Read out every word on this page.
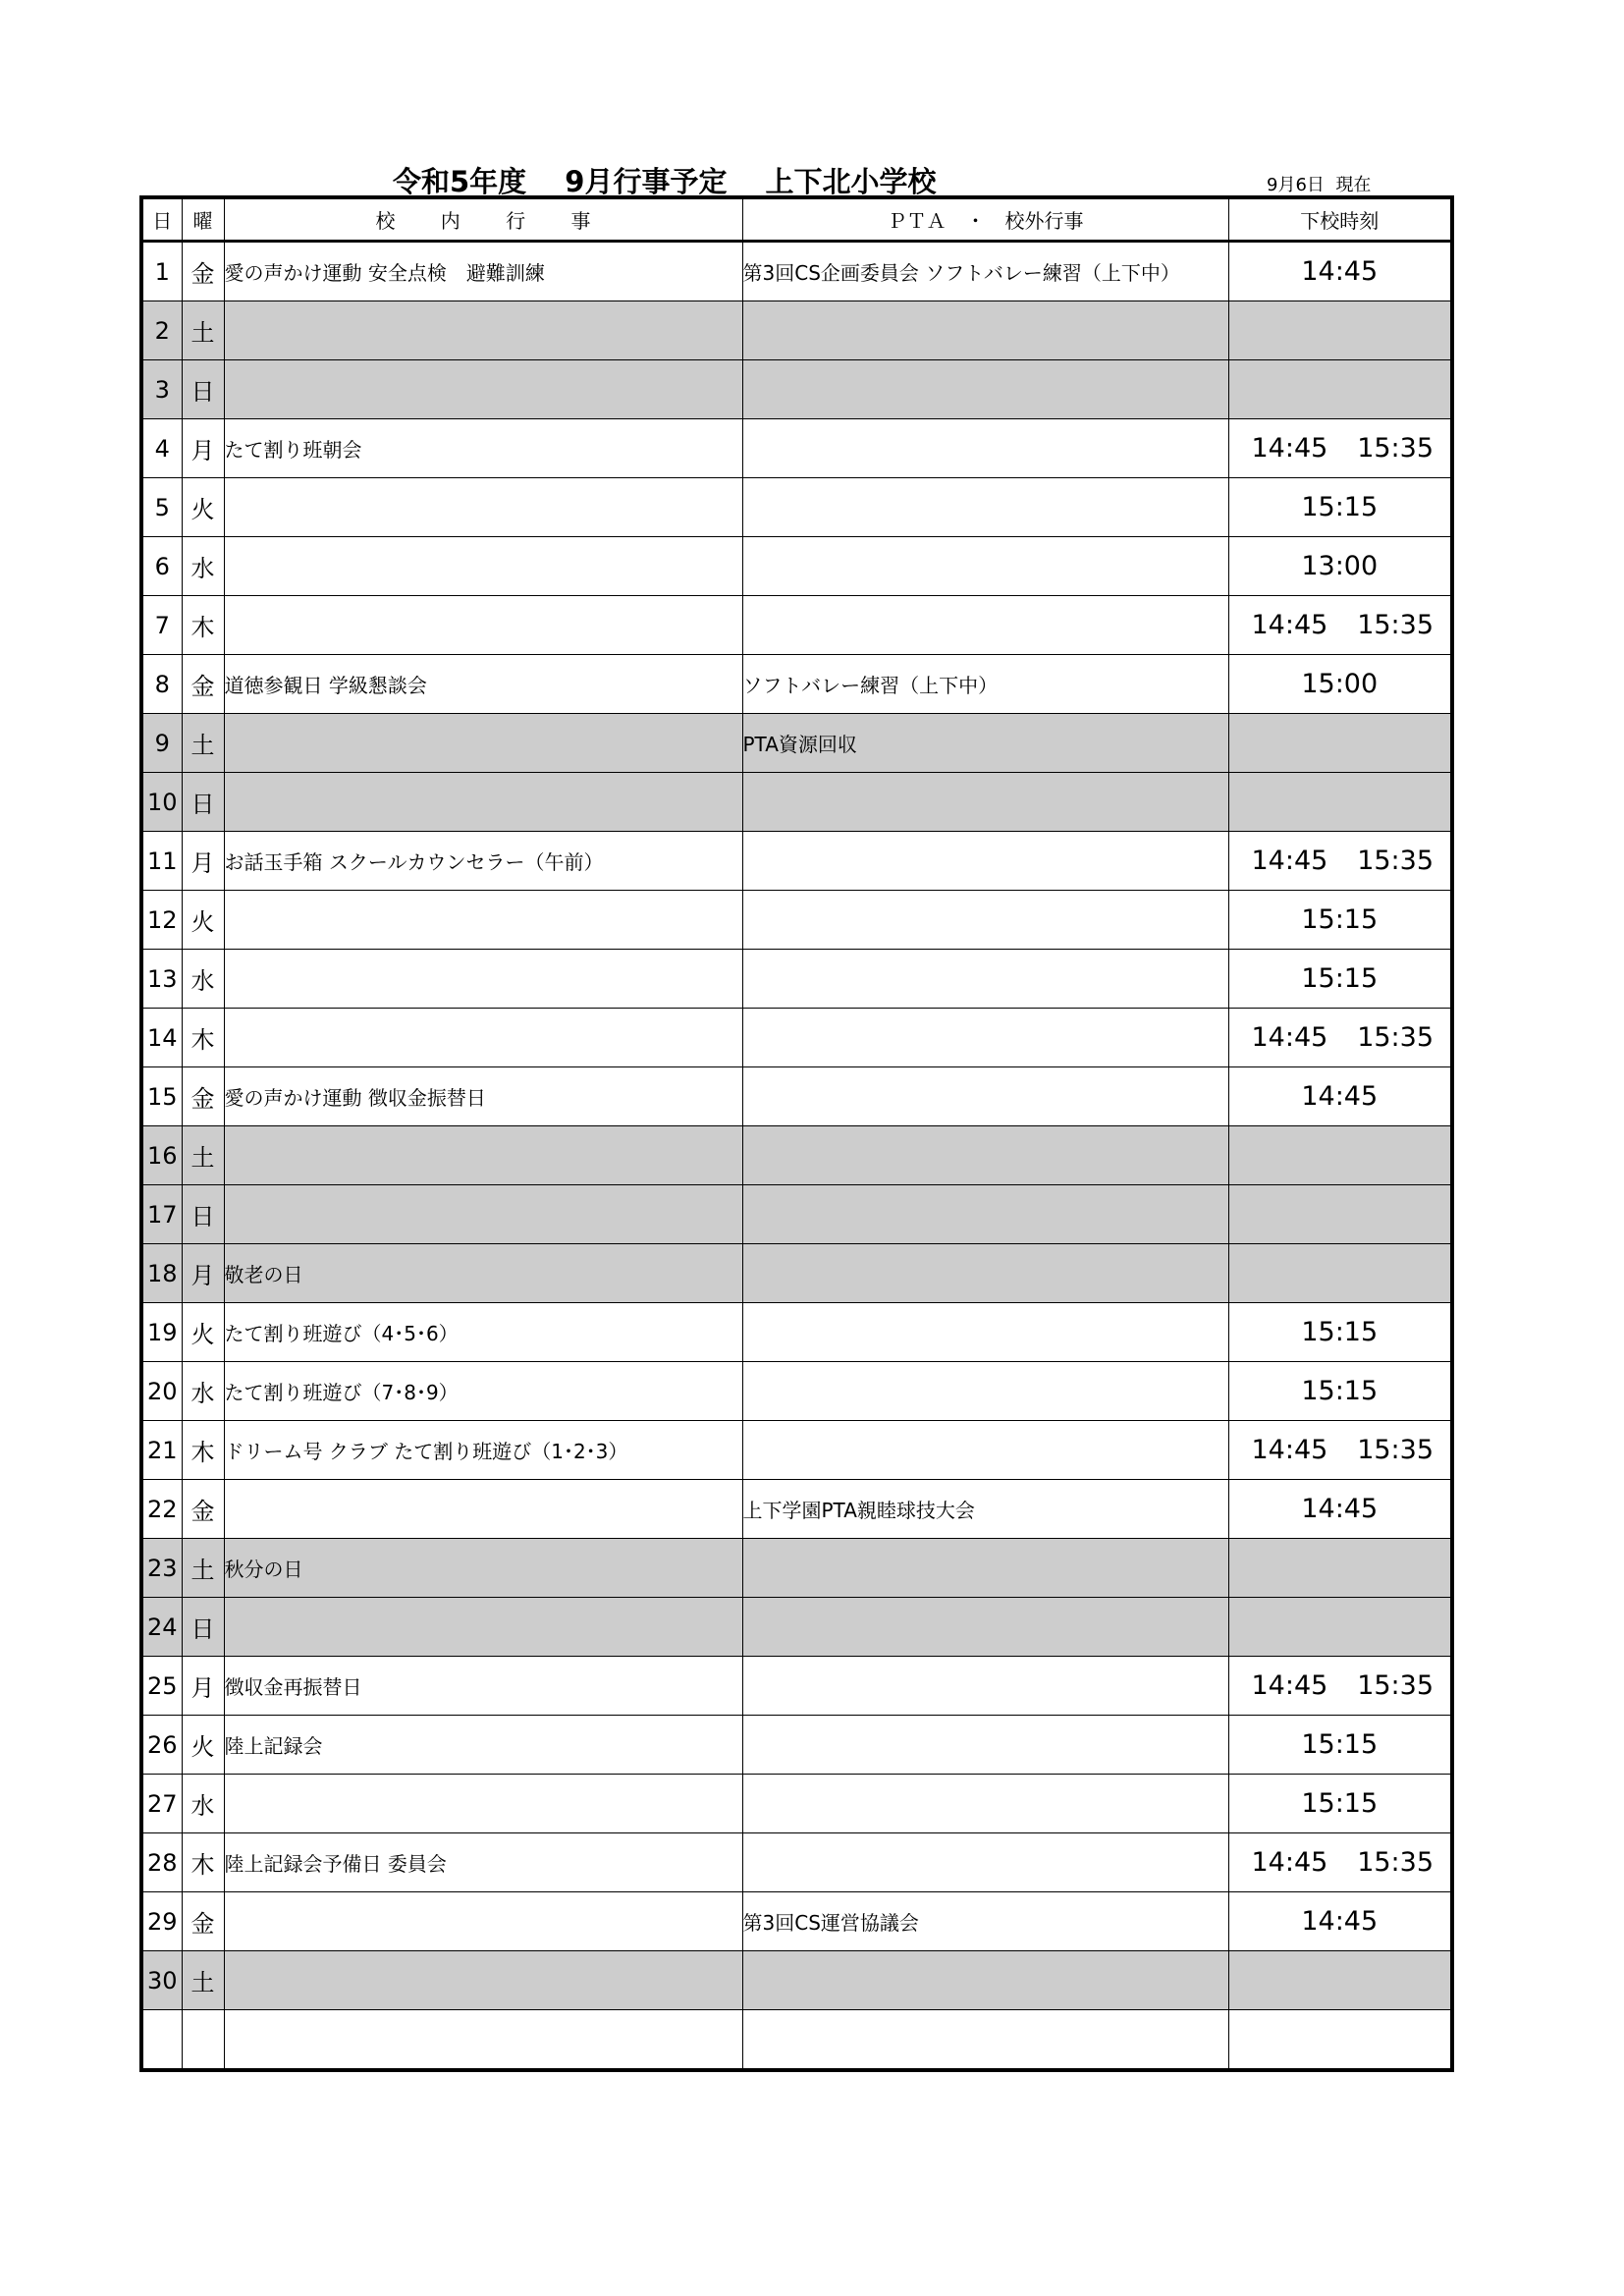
令和5年度　 9月行事予定　 上下北小学校	9月6日  現在
日	曜	校　　 内　　 行　　 事	ＰＴＡ　・　校外行事	下校時刻
1	金	愛の声かけ運動 安全点検　避難訓練	第3回CS企画委員会 ソフトバレー練習（上下中）	14:45

2	土			

3	日			

4	月	たて割り班朝会		14:45 15:35

5	火			15:15

6	水			13:00

7	木			14:45 15:35

8	金	道徳参観日 学級懇談会	ソフトバレー練習（上下中）	15:00

9	土		PTA資源回収	

10	日			

11	月	お話玉手箱 スクールカウンセラー（午前）		14:45 15:35

12	火			15:15

13	水			15:15

14	木			14:45 15:35

15	金	愛の声かけ運動 徴収金振替日		14:45

16	土			

17	日			

18	月	敬老の日		

19	火	たて割り班遊び（4･5･6）		15:15

20	水	たて割り班遊び（7･8･9）		15:15

21	木	ドリーム号 クラブ たて割り班遊び（1･2･3）		14:45 15:35

22	金		上下学園PTA親睦球技大会	14:45

23	土	秋分の日		

24	日			

25	月	徴収金再振替日		14:45 15:35

26	火	陸上記録会		15:15

27	水			15:15

28	木	陸上記録会予備日 委員会		14:45 15:35

29	金		第3回CS運営協議会	14:45

30	土			
